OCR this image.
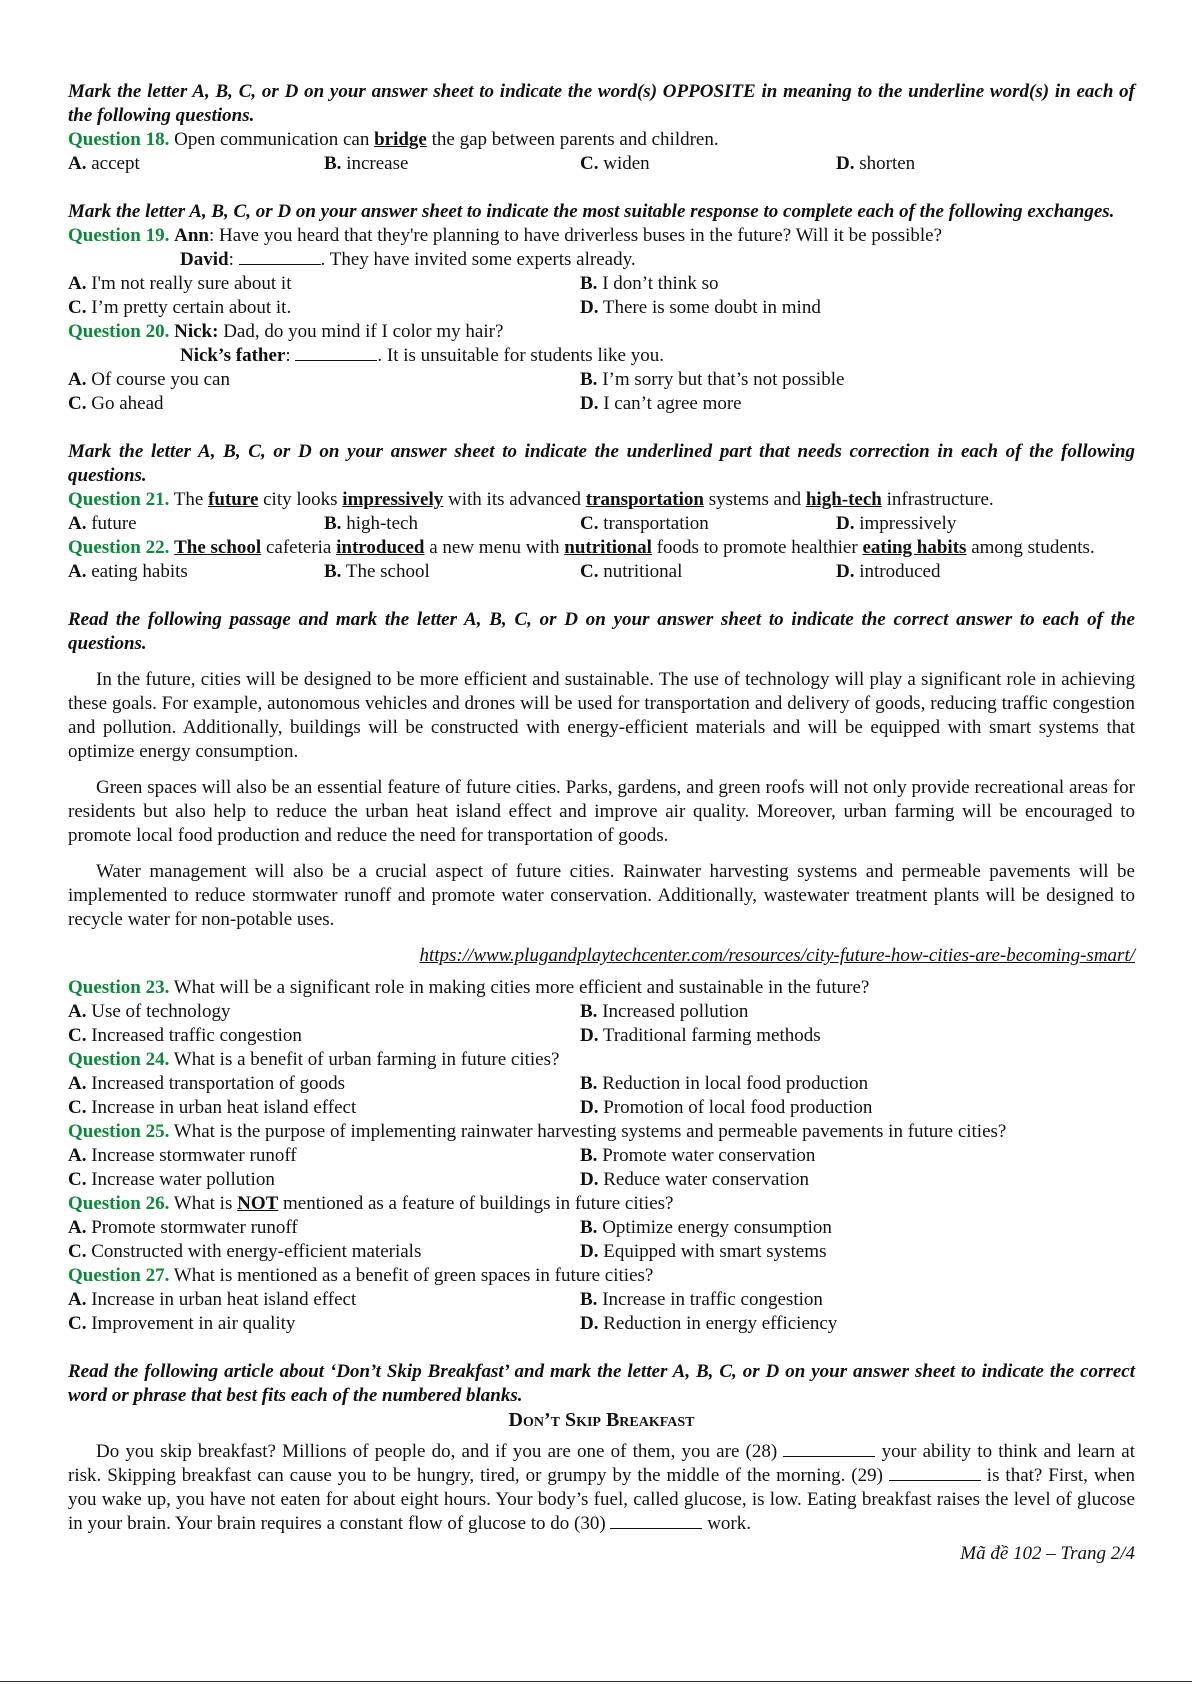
Mark the letter A, B, C, or D on your answer sheet to indicate the word(s) OPPOSITE in meaning to the underline word(s) in each of the following questions.
Question 18. Open communication can bridge the gap between parents and children.
A. accept	B. increase	C. widen	D. shorten
Mark the letter A, B, C, or D on your answer sheet to indicate the most suitable response to complete each of the following exchanges.
Question 19. Ann: Have you heard that they're planning to have driverless buses in the future? Will it be possible?
David:	. They have invited some experts already.
A. I'm not really sure about it	B. I don’t think so
C. I’m pretty certain about it.	D. There is some doubt in mind
Question 20. Nick: Dad, do you mind if I color my hair?
Nick’s father:	. It is unsuitable for students like you.
A. Of course you can	B. I’m sorry but that’s not possible
C. Go ahead	D. I can’t agree more
Mark the letter A, B, C, or D on your answer sheet to indicate the underlined part that needs correction in each of the following questions.
Question 21. The future city looks impressively with its advanced transportation systems and high-tech infrastructure.
A. future	B. high-tech	C. transportation	D. impressively
Question 22. The school cafeteria introduced a new menu with nutritional foods to promote healthier eating habits among students.
A. eating habits	B. The school	C. nutritional	D. introduced
Read the following passage and mark the letter A, B, C, or D on your answer sheet to indicate the correct answer to each of the questions.
In the future, cities will be designed to be more efficient and sustainable. The use of technology will play a significant role in achieving these goals. For example, autonomous vehicles and drones will be used for transportation and delivery of goods, reducing traffic congestion and pollution. Additionally, buildings will be constructed with energy-efficient materials and will be equipped with smart systems that optimize energy consumption.
Green spaces will also be an essential feature of future cities. Parks, gardens, and green roofs will not only provide recreational areas for residents but also help to reduce the urban heat island effect and improve air quality. Moreover, urban farming will be encouraged to promote local food production and reduce the need for transportation of goods.
Water management will also be a crucial aspect of future cities. Rainwater harvesting systems and permeable pavements will be implemented to reduce stormwater runoff and promote water conservation. Additionally, wastewater treatment plants will be designed to recycle water for non-potable uses.
https://www.plugandplaytechcenter.com/resources/city-future-how-cities-are-becoming-smart/
Question 23. What will be a significant role in making cities more efficient and sustainable in the future?
A. Use of technology	B. Increased pollution
C. Increased traffic congestion	D. Traditional farming methods
Question 24. What is a benefit of urban farming in future cities?
A. Increased transportation of goods	B. Reduction in local food production
C. Increase in urban heat island effect	D. Promotion of local food production
Question 25. What is the purpose of implementing rainwater harvesting systems and permeable pavements in future cities?
A. Increase stormwater runoff	B. Promote water conservation
C. Increase water pollution	D. Reduce water conservation
Question 26. What is NOT mentioned as a feature of buildings in future cities?
A. Promote stormwater runoff	B. Optimize energy consumption
C. Constructed with energy-efficient materials	D. Equipped with smart systems
Question 27. What is mentioned as a benefit of green spaces in future cities?
A. Increase in urban heat island effect	B. Increase in traffic congestion
C. Improvement in air quality	D. Reduction in energy efficiency
Read the following article about ‘Don’t Skip Breakfast’ and mark the letter A, B, C, or D on your answer sheet to indicate the correct word or phrase that best fits each of the numbered blanks.
Don’t Skip Breakfast
Do you skip breakfast? Millions of people do, and if you are one of them, you are (28)	your ability to think and learn at risk. Skipping breakfast can cause you to be hungry, tired, or grumpy by the middle of the morning. (29)	is that? First, when you wake up, you have not eaten for about eight hours. Your body’s fuel, called glucose, is low. Eating breakfast raises the level of glucose in your brain. Your brain requires a constant flow of glucose to do (30)	work.
Mã đề 102 – Trang 2/4
